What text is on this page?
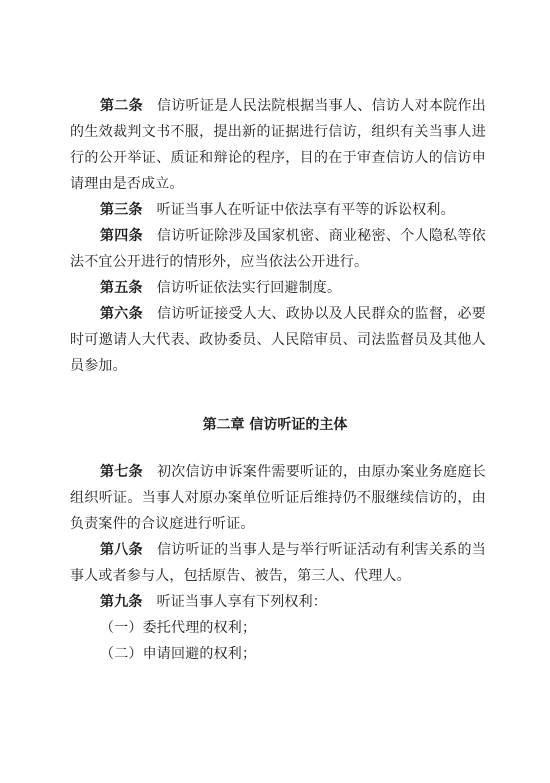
第二条 信访听证是人民法院根据当事人、信访人对本院作出的生效裁判文书不服，提出新的证据进行信访，组织有关当事人进行的公开举证、质证和辩论的程序，目的在于审查信访人的信访申请理由是否成立。

第三条 听证当事人在听证中依法享有平等的诉讼权利。

第四条 信访听证除涉及国家机密、商业秘密、个人隐私等依法不宜公开进行的情形外，应当依法公开进行。

第五条 信访听证依法实行回避制度。

第六条 信访听证接受人大、政协以及人民群众的监督，必要时可邀请人大代表、政协委员、人民陪审员、司法监督员及其他人员参加。

第二章 信访听证的主体

第七条 初次信访申诉案件需要听证的，由原办案业务庭庭长组织听证。当事人对原办案单位听证后维持仍不服继续信访的，由负责案件的合议庭进行听证。

第八条 信访听证的当事人是与举行听证活动有利害关系的当事人或者参与人，包括原告、被告，第三人、代理人。

第九条 听证当事人享有下列权利：

（一）委托代理的权利；

（二）申请回避的权利；
